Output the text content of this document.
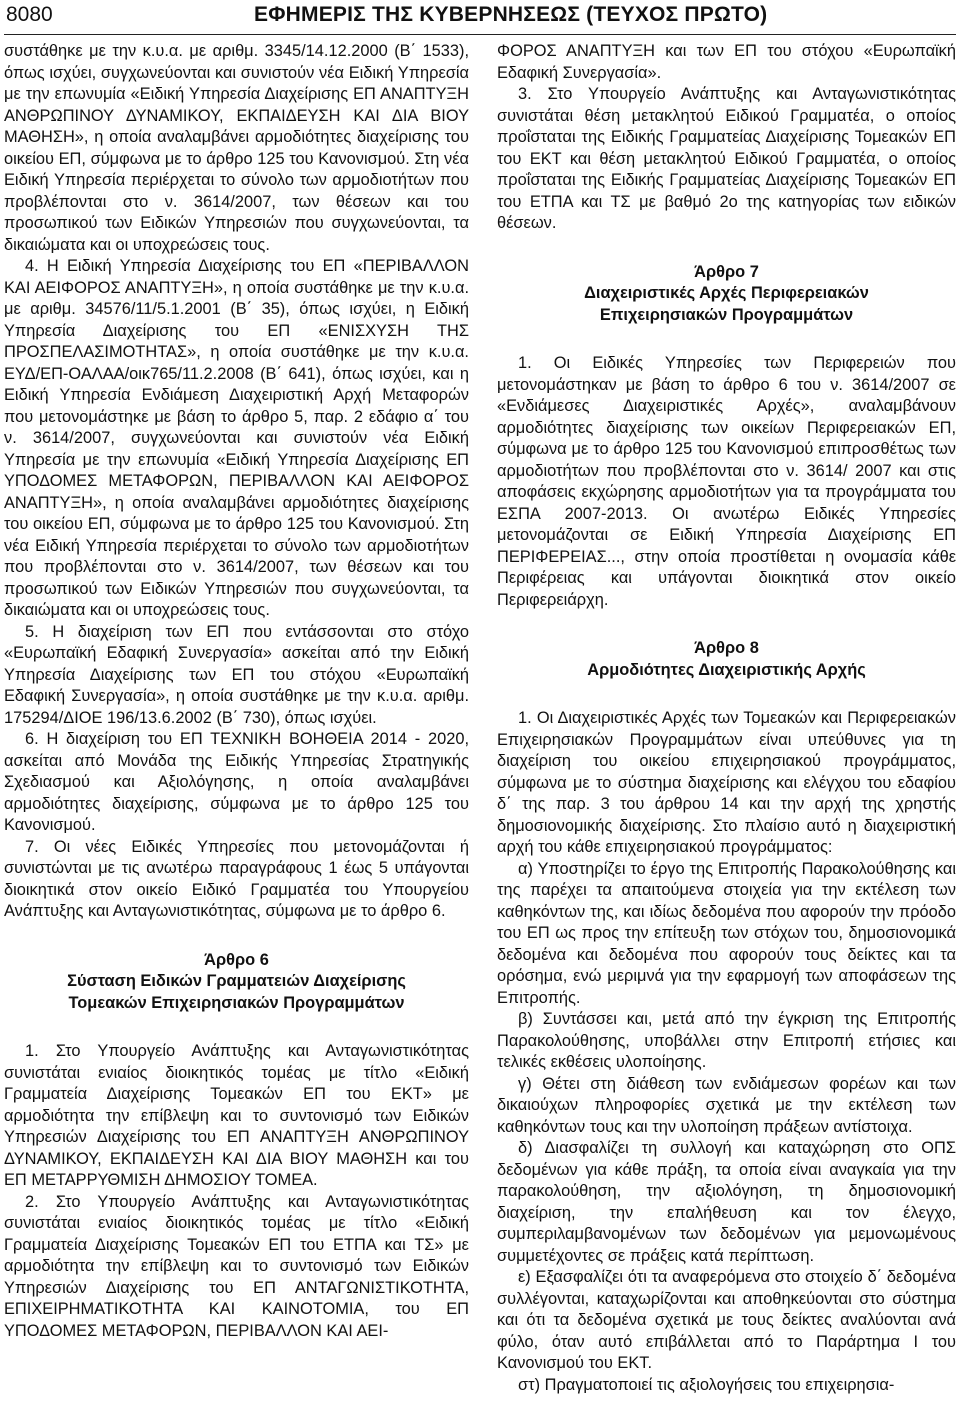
8080	ΕΦΗΜΕΡΙΣ ΤΗΣ ΚΥΒΕΡΝΗΣΕΩΣ (ΤΕΥΧΟΣ ΠΡΩΤΟ)

συστάθηκε με την κ.υ.α. με αριθμ. 3345/14.12.2000 (Β΄ 1533), όπως ισχύει, συγχωνεύονται και συνιστούν νέα Ειδική Υπηρεσία με την επωνυμία «Ειδική Υπηρεσία Διαχείρισης ΕΠ ΑΝΑΠΤΥΞΗ ΑΝΘΡΩΠΙΝΟΥ ΔΥΝΑΜΙΚΟΥ, ΕΚΠΑΙΔΕΥΣΗ ΚΑΙ ΔΙΑ ΒΙΟΥ ΜΑΘΗΣΗ», η οποία αναλαμβάνει αρμοδιότητες διαχείρισης του οικείου ΕΠ, σύμφωνα με το άρθρο 125 του Κανονισμού. Στη νέα Ειδική Υπηρεσία περιέρχεται το σύνολο των αρμοδιοτήτων που προβλέπονται στο ν. 3614/2007, των θέσεων και του προσωπικού των Ειδικών Υπηρεσιών που συγχωνεύονται, τα δικαιώματα και οι υποχρεώσεις τους.

4. Η Ειδική Υπηρεσία Διαχείρισης του ΕΠ «ΠΕΡΙΒΑΛΛΟΝ ΚΑΙ ΑΕΙΦΟΡΟΣ ΑΝΑΠΤΥΞΗ», η οποία συστάθηκε με την κ.υ.α. με αριθμ. 34576/11/5.1.2001 (Β΄ 35), όπως ισχύει, η Ειδική Υπηρεσία Διαχείρισης του ΕΠ «ΕΝΙΣΧΥΣΗ ΤΗΣ ΠΡΟΣΠΕΛΑΣΙΜΟΤΗΤΑΣ», η οποία συστάθηκε με την κ.υ.α. ΕΥΔ/ΕΠ-ΟΑΛΑΑ/οικ765/11.2.2008 (Β΄ 641), όπως ισχύει, και η Ειδική Υπηρεσία Ενδιάμεση Διαχειριστική Αρχή Μεταφορών που μετονομάστηκε με βάση το άρθρο 5, παρ. 2 εδάφιο α΄ του ν. 3614/2007, συγχωνεύονται και συνιστούν νέα Ειδική Υπηρεσία με την επωνυμία «Ειδική Υπηρεσία Διαχείρισης ΕΠ ΥΠΟΔΟΜΕΣ ΜΕΤΑΦΟΡΩΝ, ΠΕΡΙΒΑΛΛΟΝ ΚΑΙ ΑΕΙΦΟΡΟΣ ΑΝΑΠΤΥΞΗ», η οποία αναλαμβάνει αρμοδιότητες διαχείρισης του οικείου ΕΠ, σύμφωνα με το άρθρο 125 του Κανονισμού. Στη νέα Ειδική Υπηρεσία περιέρχεται το σύνολο των αρμοδιοτήτων που προβλέπονται στο ν. 3614/2007, των θέσεων και του προσωπικού των Ειδικών Υπηρεσιών που συγχωνεύονται, τα δικαιώματα και οι υποχρεώσεις τους.

5. Η διαχείριση των ΕΠ που εντάσσονται στο στόχο «Ευρωπαϊκή Εδαφική Συνεργασία» ασκείται από την Ειδική Υπηρεσία Διαχείρισης των ΕΠ του στόχου «Ευρωπαϊκή Εδαφική Συνεργασία», η οποία συστάθηκε με την κ.υ.α. αριθμ. 175294/ΔΙΟΕ 196/13.6.2002 (Β΄ 730), όπως ισχύει.

6. Η διαχείριση του ΕΠ ΤΕΧΝΙΚΗ ΒΟΗΘΕΙΑ 2014 - 2020, ασκείται από Μονάδα της Ειδικής Υπηρεσίας Στρατηγικής Σχεδιασμού και Αξιολόγησης, η οποία αναλαμβάνει αρμοδιότητες διαχείρισης, σύμφωνα με το άρθρο 125 του Κανονισμού.

7. Οι νέες Ειδικές Υπηρεσίες που μετονομάζονται ή συνιστώνται με τις ανωτέρω παραγράφους 1 έως 5 υπάγονται διοικητικά στον οικείο Ειδικό Γραμματέα του Υπουργείου Ανάπτυξης και Ανταγωνιστικότητας, σύμφωνα με το άρθρο 6.

Άρθρο 6
Σύσταση Ειδικών Γραμματειών Διαχείρισης
Τομεακών Επιχειρησιακών Προγραμμάτων

1. Στο Υπουργείο Ανάπτυξης και Ανταγωνιστικότητας συνιστάται ενιαίος διοικητικός τομέας με τίτλο «Ειδική Γραμματεία Διαχείρισης Τομεακών ΕΠ του ΕΚΤ» με αρμοδιότητα την επίβλεψη και το συντονισμό των Ειδικών Υπηρεσιών Διαχείρισης του ΕΠ ΑΝΑΠΤΥΞΗ ΑΝΘΡΩΠΙΝΟΥ ΔΥΝΑΜΙΚΟΥ, ΕΚΠΑΙΔΕΥΣΗ ΚΑΙ ΔΙΑ ΒΙΟΥ ΜΑΘΗΣΗ και του ΕΠ ΜΕΤΑΡΡΥΘΜΙΣΗ ΔΗΜΟΣΙΟΥ ΤΟΜΕΑ.

2. Στο Υπουργείο Ανάπτυξης και Ανταγωνιστικότητας συνιστάται ενιαίος διοικητικός τομέας με τίτλο «Ειδική Γραμματεία Διαχείρισης Τομεακών ΕΠ του ΕΤΠΑ και ΤΣ» με αρμοδιότητα την επίβλεψη και το συντονισμό των Ειδικών Υπηρεσιών Διαχείρισης του ΕΠ ΑΝΤΑΓΩΝΙΣΤΙΚΟΤΗΤΑ, ΕΠΙΧΕΙΡΗΜΑΤΙΚΟΤΗΤΑ ΚΑΙ ΚΑΙΝΟΤΟΜΙΑ, του ΕΠ ΥΠΟΔΟΜΕΣ ΜΕΤΑΦΟΡΩΝ, ΠΕΡΙΒΑΛΛΟΝ ΚΑΙ ΑΕΙ-

ΦΟΡΟΣ ΑΝΑΠΤΥΞΗ και των ΕΠ του στόχου «Ευρωπαϊκή Εδαφική Συνεργασία».

3. Στο Υπουργείο Ανάπτυξης και Ανταγωνιστικότητας συνιστάται θέση μετακλητού Ειδικού Γραμματέα, ο οποίος προΐσταται της Ειδικής Γραμματείας Διαχείρισης Τομεακών ΕΠ του ΕΚΤ και θέση μετακλητού Ειδικού Γραμματέα, ο οποίος προΐσταται της Ειδικής Γραμματείας Διαχείρισης Τομεακών ΕΠ του ΕΤΠΑ και ΤΣ με βαθμό 2ο της κατηγορίας των ειδικών θέσεων.

Άρθρο 7
Διαχειριστικές Αρχές Περιφερειακών
Επιχειρησιακών Προγραμμάτων

1. Οι Ειδικές Υπηρεσίες των Περιφερειών που μετονομάστηκαν με βάση το άρθρο 6 του ν. 3614/2007 σε «Ενδιάμεσες Διαχειριστικές Αρχές», αναλαμβάνουν αρμοδιότητες διαχείρισης των οικείων Περιφερειακών ΕΠ, σύμφωνα με το άρθρο 125 του Κανονισμού επιπροσθέτως των αρμοδιοτήτων που προβλέπονται στο ν. 3614/ 2007 και στις αποφάσεις εκχώρησης αρμοδιοτήτων για τα προγράμματα του ΕΣΠΑ 2007-2013. Οι ανωτέρω Ειδικές Υπηρεσίες μετονομάζονται σε Ειδική Υπηρεσία Διαχείρισης ΕΠ ΠΕΡΙΦΕΡΕΙΑΣ..., στην οποία προστίθεται η ονομασία κάθε Περιφέρειας και υπάγονται διοικητικά στον οικείο Περιφερειάρχη.

Άρθρο 8
Αρμοδιότητες Διαχειριστικής Αρχής

1. Οι Διαχειριστικές Αρχές των Τομεακών και Περιφερειακών Επιχειρησιακών Προγραμμάτων είναι υπεύθυνες για τη διαχείριση του οικείου επιχειρησιακού προγράμματος, σύμφωνα με το σύστημα διαχείρισης και ελέγχου του εδαφίου δ΄ της παρ. 3 του άρθρου 14 και την αρχή της χρηστής δημοσιονομικής διαχείρισης. Στο πλαίσιο αυτό η διαχειριστική αρχή του κάθε επιχειρησιακού προγράμματος:

α) Υποστηρίζει το έργο της Επιτροπής Παρακολούθησης και της παρέχει τα απαιτούμενα στοιχεία για την εκτέλεση των καθηκόντων της, και ιδίως δεδομένα που αφορούν την πρόοδο του ΕΠ ως προς την επίτευξη των στόχων του, δημοσιονομικά δεδομένα και δεδομένα που αφορούν τους δείκτες και τα ορόσημα, ενώ μεριμνά για την εφαρμογή των αποφάσεων της Επιτροπής.

β) Συντάσσει και, μετά από την έγκριση της Επιτροπής Παρακολούθησης, υποβάλλει στην Επιτροπή ετήσιες και τελικές εκθέσεις υλοποίησης.

γ) Θέτει στη διάθεση των ενδιάμεσων φορέων και των δικαιούχων πληροφορίες σχετικά με την εκτέλεση των καθηκόντων τους και την υλοποίηση πράξεων αντίστοιχα.

δ) Διασφαλίζει τη συλλογή και καταχώρηση στο ΟΠΣ δεδομένων για κάθε πράξη, τα οποία είναι αναγκαία για την παρακολούθηση, την αξιολόγηση, τη δημοσιονομική διαχείριση, την επαλήθευση και τον έλεγχο, συμπεριλαμβανομένων των δεδομένων για μεμονωμένους συμμετέχοντες σε πράξεις κατά περίπτωση.

ε) Εξασφαλίζει ότι τα αναφερόμενα στο στοιχείο δ΄ δεδομένα συλλέγονται, καταχωρίζονται και αποθηκεύονται στο σύστημα και ότι τα δεδομένα σχετικά με τους δείκτες αναλύονται ανά φύλο, όταν αυτό επιβάλλεται από το Παράρτημα Ι του Κανονισμού του ΕΚΤ.

στ) Πραγματοποιεί τις αξιολογήσεις του επιχειρησια-
